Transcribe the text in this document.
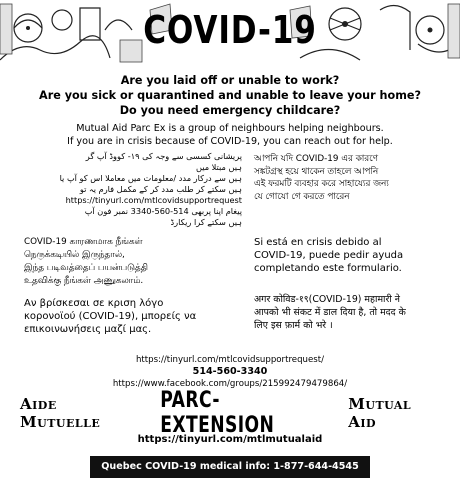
COVID-19
Are you laid off or unable to work?
Are you sick or quarantined and unable to leave your home?
Do you need emergency childcare?
Mutual Aid Parc Ex is a group of neighbours helping neighbours.
If you are in crisis because of COVID-19, you can reach out for help.
پریشانی کسسی سے وجہ کی ۱۹- کووڈ آپ گر
ہیں مبتلا میں
ہیں سے درکار مدد /معلومات میں معاملا اس کو آپ یا
ہیں سکتے کر طلب مدد کر کے مکمل فارم یہ تو
https://tinyurl.com/mtlcovidsupportrequest
پیغام اپنا پربھی 514-560-3340 نمبر فون آپ
ہیں سکتے کرا ریکارڈ
আপনি যদি COVID-19 এর কারণে
সঙ্কটগ্রস্থ হয়ে থাকেন তাহলে আপনি
এই ফরমটি ব্যবহার করে সাহায্যের জন্য
যে গোযো গে করতে পারেন
COVID-19 காரணமாக நீங்கள்
நெருக்கடியில் இருந்தால்,
இந்த படிவத்தைப் பயன்படுத்தி
உதவிக்கு நீங்கள் அணுகலாம்.
Si está en crisis debido al
COVID-19, puede pedir ayuda
completando este formulario.
Αν βρίσκεσαι σε κριση λόγο
κορονοϊού (COVID-19), μπορείς να
επικοινωνήσεις μαζί μας.
अगर कोविड-१९(COVID-19) महामारी ने
आपको भी संकट में डाल दिया है, तो मदद के
लिए इस फ़ार्म को भरे ।
https://tinyurl.com/mtlcovidsupportrequest/
514-560-3340
https://www.facebook.com/groups/215992479479864/
Aide Mutuelle
PARC-EXTENSION
Mutual Aid
https://tinyurl.com/mtlmutualaid
Quebec COVID-19 medical info: 1-877-644-4545
